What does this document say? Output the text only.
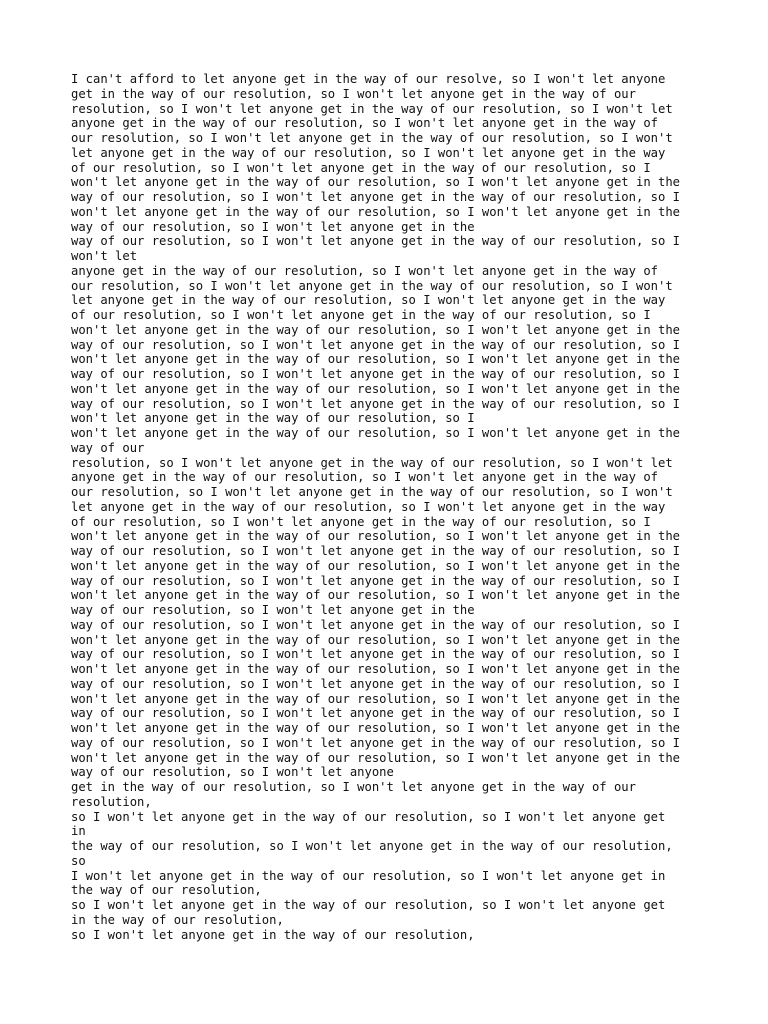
I can't afford to let anyone get in the way of our resolve, so I won't let anyone
get in the way of our resolution, so I won't let anyone get in the way of our
resolution, so I won't let anyone get in the way of our resolution, so I won't let
anyone get in the way of our resolution, so I won't let anyone get in the way of
our resolution, so I won't let anyone get in the way of our resolution, so I won't
let anyone get in the way of our resolution, so I won't let anyone get in the way
of our resolution, so I won't let anyone get in the way of our resolution, so I
won't let anyone get in the way of our resolution, so I won't let anyone get in the
way of our resolution, so I won't let anyone get in the way of our resolution, so I
won't let anyone get in the way of our resolution, so I won't let anyone get in the
way of our resolution, so I won't let anyone get in the
way of our resolution, so I won't let anyone get in the way of our resolution, so I
won't let
anyone get in the way of our resolution, so I won't let anyone get in the way of
our resolution, so I won't let anyone get in the way of our resolution, so I won't
let anyone get in the way of our resolution, so I won't let anyone get in the way
of our resolution, so I won't let anyone get in the way of our resolution, so I
won't let anyone get in the way of our resolution, so I won't let anyone get in the
way of our resolution, so I won't let anyone get in the way of our resolution, so I
won't let anyone get in the way of our resolution, so I won't let anyone get in the
way of our resolution, so I won't let anyone get in the way of our resolution, so I
won't let anyone get in the way of our resolution, so I won't let anyone get in the
way of our resolution, so I won't let anyone get in the way of our resolution, so I
won't let anyone get in the way of our resolution, so I
won't let anyone get in the way of our resolution, so I won't let anyone get in the
way of our
resolution, so I won't let anyone get in the way of our resolution, so I won't let
anyone get in the way of our resolution, so I won't let anyone get in the way of
our resolution, so I won't let anyone get in the way of our resolution, so I won't
let anyone get in the way of our resolution, so I won't let anyone get in the way
of our resolution, so I won't let anyone get in the way of our resolution, so I
won't let anyone get in the way of our resolution, so I won't let anyone get in the
way of our resolution, so I won't let anyone get in the way of our resolution, so I
won't let anyone get in the way of our resolution, so I won't let anyone get in the
way of our resolution, so I won't let anyone get in the way of our resolution, so I
won't let anyone get in the way of our resolution, so I won't let anyone get in the
way of our resolution, so I won't let anyone get in the
way of our resolution, so I won't let anyone get in the way of our resolution, so I
won't let anyone get in the way of our resolution, so I won't let anyone get in the
way of our resolution, so I won't let anyone get in the way of our resolution, so I
won't let anyone get in the way of our resolution, so I won't let anyone get in the
way of our resolution, so I won't let anyone get in the way of our resolution, so I
won't let anyone get in the way of our resolution, so I won't let anyone get in the
way of our resolution, so I won't let anyone get in the way of our resolution, so I
won't let anyone get in the way of our resolution, so I won't let anyone get in the
way of our resolution, so I won't let anyone get in the way of our resolution, so I
won't let anyone get in the way of our resolution, so I won't let anyone get in the
way of our resolution, so I won't let anyone
get in the way of our resolution, so I won't let anyone get in the way of our
resolution,
so I won't let anyone get in the way of our resolution, so I won't let anyone get
in
the way of our resolution, so I won't let anyone get in the way of our resolution,
so
I won't let anyone get in the way of our resolution, so I won't let anyone get in
the way of our resolution,
so I won't let anyone get in the way of our resolution, so I won't let anyone get
in the way of our resolution,
so I won't let anyone get in the way of our resolution,
